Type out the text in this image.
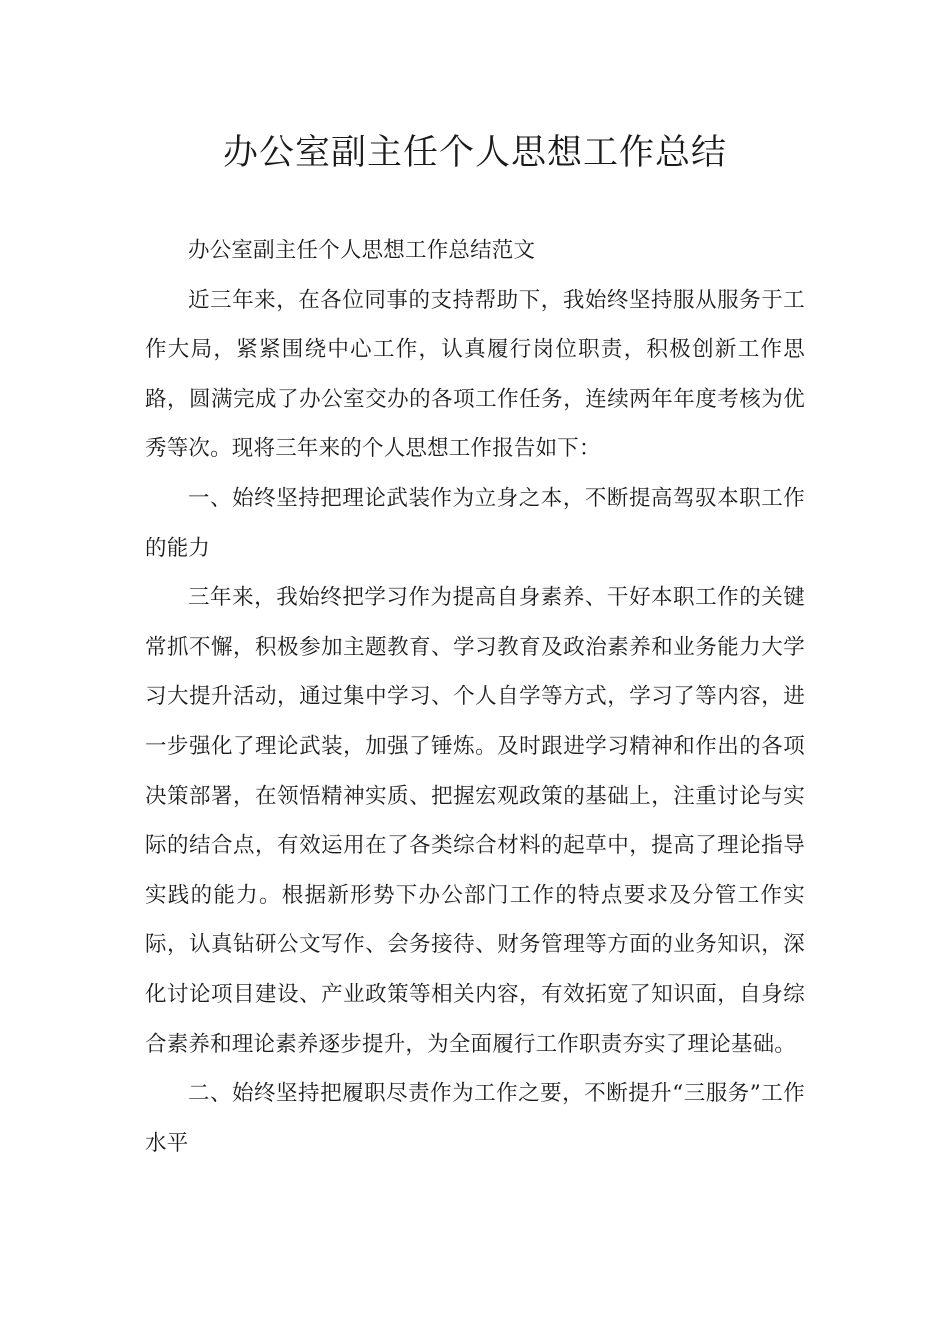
办公室副主任个人思想工作总结

办公室副主任个人思想工作总结范文

近三年来，在各位同事的支持帮助下，我始终坚持服从服务于工作大局，紧紧围绕中心工作，认真履行岗位职责，积极创新工作思路，圆满完成了办公室交办的各项工作任务，连续两年年度考核为优秀等次。现将三年来的个人思想工作报告如下：

一、始终坚持把理论武装作为立身之本，不断提高驾驭本职工作的能力

三年来，我始终把学习作为提高自身素养、干好本职工作的关键常抓不懈，积极参加主题教育、学习教育及政治素养和业务能力大学习大提升活动，通过集中学习、个人自学等方式，学习了等内容，进一步强化了理论武装，加强了锤炼。及时跟进学习精神和作出的各项决策部署，在领悟精神实质、把握宏观政策的基础上，注重讨论与实际的结合点，有效运用在了各类综合材料的起草中，提高了理论指导实践的能力。根据新形势下办公部门工作的特点要求及分管工作实际，认真钻研公文写作、会务接待、财务管理等方面的业务知识，深化讨论项目建设、产业政策等相关内容，有效拓宽了知识面，自身综合素养和理论素养逐步提升，为全面履行工作职责夯实了理论基础。

二、始终坚持把履职尽责作为工作之要，不断提升“三服务”工作水平
